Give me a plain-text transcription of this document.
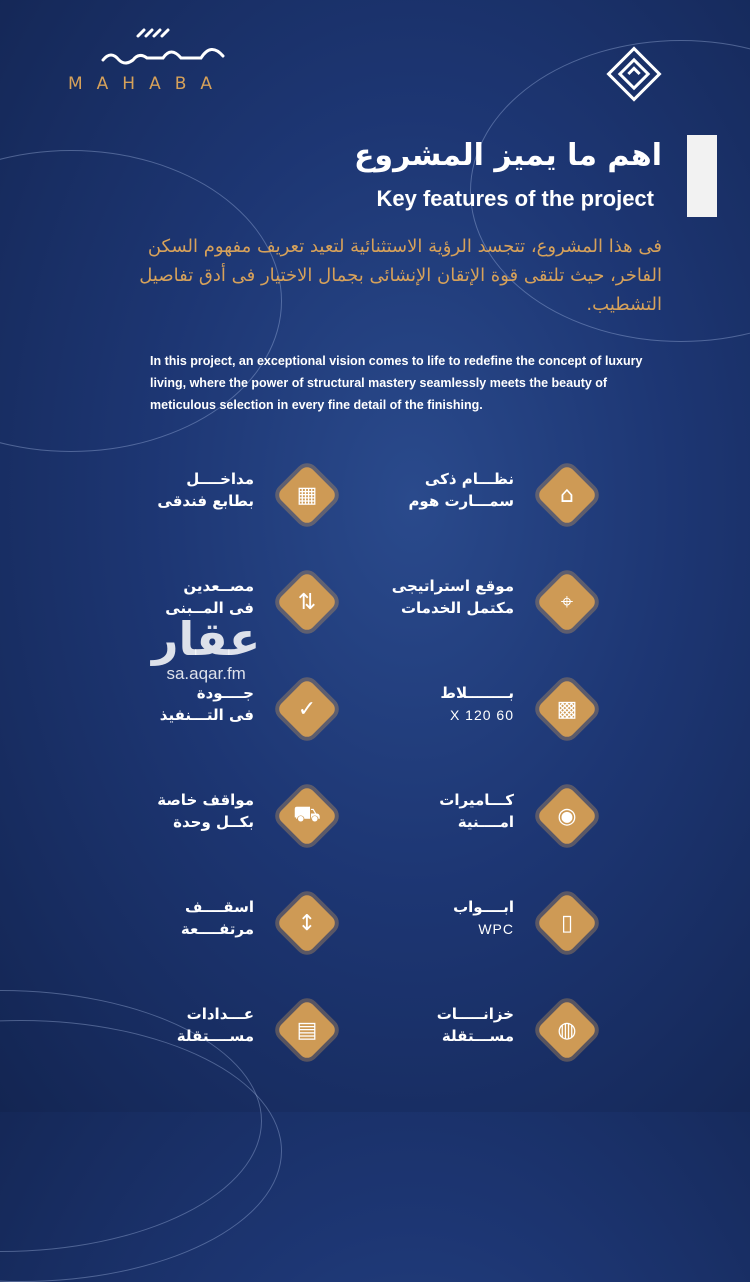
مهابة
MAHABA
اهم ما يميز المشروع
Key features of the project
فى هذا المشروع، تتجسد الرؤية الاستثنائية لتعيد تعريف مفهوم السكن الفاخر، حيث تلتقى قوة الإتقان الإنشائى بجمال الاختيار فى أدق تفاصيل التشطيب.
In this project, an exceptional vision comes to life to redefine the concept of luxury living, where the power of structural mastery seamlessly meets the beauty of meticulous selection in every fine detail of the finishing.
مداخــــل
بطابع فندقى	▦
نظـــام ذكى
سمـــارت هوم	⌂
مصــعدين
فى المــبنى	⇅
موقع استراتيجى
مكتمل الخدمات	⌖
جــــودة
فى التـــنفيذ	✓
بــــــــلاط
60 X 120	▩
مواقف خاصة
بكــل وحدة	⛟
كـــاميرات
امــــنية	◉
اسقــــف
مرتفــــعة	↕
ابــــواب
WPC	▯
عـــدادات
مســــتقلة	▤
خزانـــــات
مســـتقلة	◍
عقار
sa.aqar.fm
